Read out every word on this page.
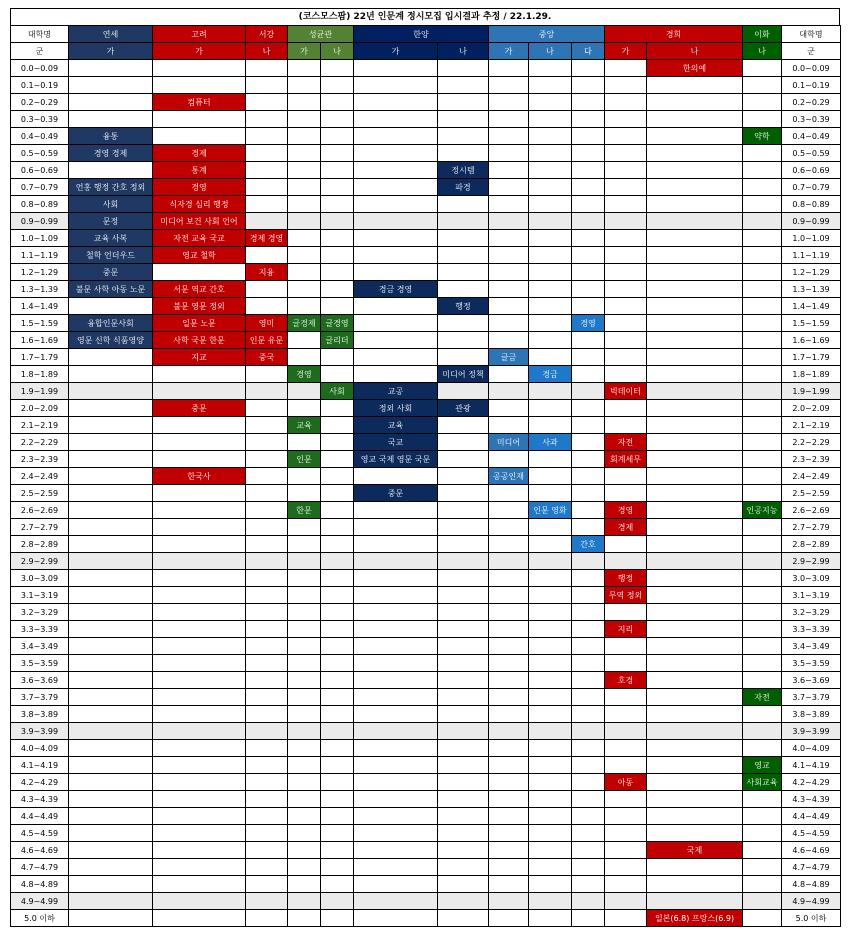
(코스모스팜) 22년 인문계 정시모집 입시결과 추정 / 22.1.29.
대학명	연세	고려	서강	성균관		한양		중앙			경희		이화	대학명
군	가	가	나	가	나	가	나	가	나	다	가	나	나	군
0.0~0.09												한의예		0.0~0.09
0.1~0.19														0.1~0.19
0.2~0.29		컴퓨터												0.2~0.29
0.3~0.39														0.3~0.39
0.4~0.49	융통												약학	0.4~0.49
0.5~0.59	경영 경제	경제												0.5~0.59
0.6~0.69		통계					정시템							0.6~0.69
0.7~0.79	언홍 행정 간호 정외	경영					파경							0.7~0.79
0.8~0.89	사회	식자경 심리 행정												0.8~0.89
0.9~0.99	문정	미디어 보건 사회 언어												0.9~0.99
1.0~1.09	교육 사복	자전 교육 국교	경제 경영											1.0~1.09
1.1~1.19	철학 언더우드	영교 철학												1.1~1.19
1.2~1.29	중문		지융											1.2~1.29
1.3~1.39	불문 사학 아동 노문	서문 역교 간호				경금 경영								1.3~1.39
1.4~1.49		불문 영문 정외					행정							1.4~1.49
1.5~1.59	융합인문사회	일문 노문	영미	글경제	글경영					경영				1.5~1.59
1.6~1.69	영문 신학 식품영양	사학 국문 한문	인문 유문		글리더									1.6~1.69
1.7~1.79		지교	중국					글금						1.7~1.79
1.8~1.89				경영			미디어 정책		경금					1.8~1.89
1.9~1.99					사회	교공					빅데이터			1.9~1.99
2.0~2.09		중문				정외 사회	관광							2.0~2.09
2.1~2.19				교육		교육								2.1~2.19
2.2~2.29						국교		미디어	사과		자전			2.2~2.29
2.3~2.39				인문		영교 국제 영문 국문					회계세무			2.3~2.39
2.4~2.49		한국사						공공인재						2.4~2.49
2.5~2.59						중문								2.5~2.59
2.6~2.69				한문					인문 영화		경영		인공지능	2.6~2.69
2.7~2.79											경제			2.7~2.79
2.8~2.89										간호				2.8~2.89
2.9~2.99														2.9~2.99
3.0~3.09											행정			3.0~3.09
3.1~3.19											무역 정외			3.1~3.19
3.2~3.29														3.2~3.29
3.3~3.39											지리			3.3~3.39
3.4~3.49														3.4~3.49
3.5~3.59														3.5~3.59
3.6~3.69											호경			3.6~3.69
3.7~3.79													자전	3.7~3.79
3.8~3.89														3.8~3.89
3.9~3.99														3.9~3.99
4.0~4.09														4.0~4.09
4.1~4.19													영교	4.1~4.19
4.2~4.29											아동		사회교육	4.2~4.29
4.3~4.39														4.3~4.39
4.4~4.49														4.4~4.49
4.5~4.59														4.5~4.59
4.6~4.69												국제		4.6~4.69
4.7~4.79														4.7~4.79
4.8~4.89														4.8~4.89
4.9~4.99														4.9~4.99
5.0 이하												일본(6.8) 프랑스(6.9)		5.0 이하
